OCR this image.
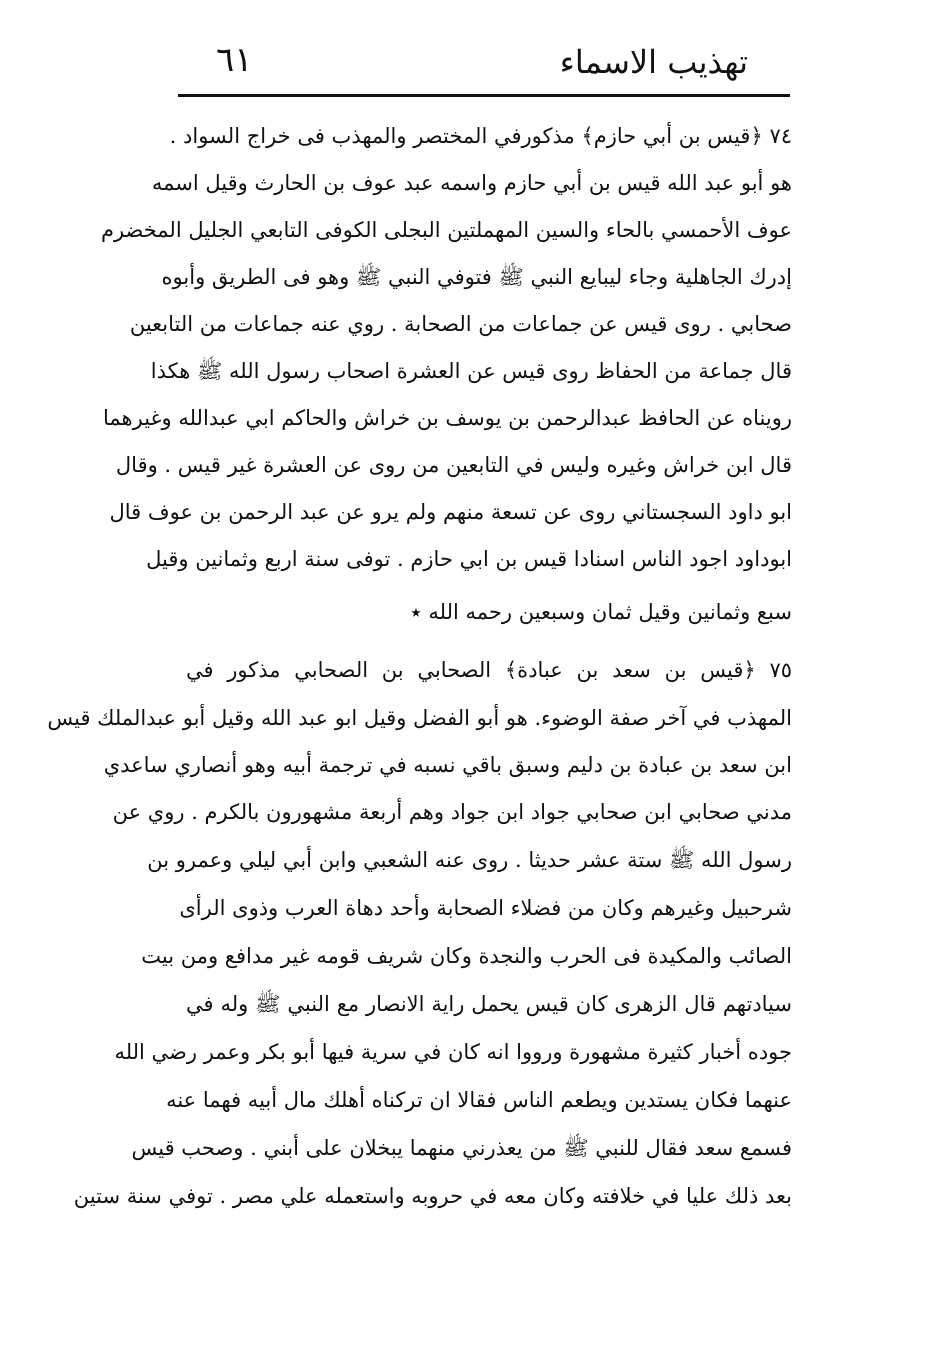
٦١	تهذيب الاسماء
٧٤ ﴿قيس بن أبي حازم﴾ مذكورفي المختصر والمهذب فى خراج السواد .
هو أبو عبد الله قيس بن أبي حازم واسمه عبد عوف بن الحارث وقيل اسمه
عوف الأحمسي بالحاء والسين المهملتين البجلى الكوفى التابعي الجليل المخضرم
إدرك الجاهلية وجاء ليبايع النبي ﷺ فتوفي النبي ﷺ وهو فى الطريق وأبوه
صحابي . روى قيس عن جماعات من الصحابة . روي عنه جماعات من التابعين
قال جماعة من الحفاظ روى قيس عن العشرة اصحاب رسول الله ﷺ هكذا
رويناه عن الحافظ عبدالرحمن بن يوسف بن خراش والحاكم ابي عبدالله وغيرهما
قال ابن خراش وغيره وليس في التابعين من روى عن العشرة غير قيس . وقال
ابو داود السجستاني روى عن تسعة منهم ولم يرو عن عبد الرحمن بن عوف قال
ابوداود اجود الناس اسنادا قيس بن ابي حازم . توفى سنة اربع وثمانين وقيل
سبع وثمانين وقيل ثمان وسبعين رحمه الله ٭
٧٥ ﴿قيس بن سعد بن عبادة﴾ الصحابي بن الصحابي مذكور في
المهذب في آخر صفة الوضوء. هو أبو الفضل وقيل ابو عبد الله وقيل أبو عبدالملك قيس
ابن سعد بن عبادة بن دليم وسبق باقي نسبه في ترجمة أبيه وهو أنصاري ساعدي
مدني صحابي ابن صحابي جواد ابن جواد وهم أربعة مشهورون بالكرم . روي عن
رسول الله ﷺ ستة عشر حديثا . روى عنه الشعبي وابن أبي ليلي وعمرو بن
شرحبيل وغيرهم وكان من فضلاء الصحابة وأحد دهاة العرب وذوى الرأى
الصائب والمكيدة فى الحرب والنجدة وكان شريف قومه غير مدافع ومن بيت
سيادتهم قال الزهرى كان قيس يحمل راية الانصار مع النبي ﷺ وله في
جوده أخبار كثيرة مشهورة ورووا انه كان في سرية فيها أبو بكر وعمر رضي الله
عنهما فكان يستدين ويطعم الناس فقالا ان تركناه أهلك مال أبيه فهما عنه
فسمع سعد فقال للنبي ﷺ من يعذرني منهما يبخلان على أبني . وصحب قيس
بعد ذلك عليا في خلافته وكان معه في حروبه واستعمله علي مصر . توفي سنة ستين
